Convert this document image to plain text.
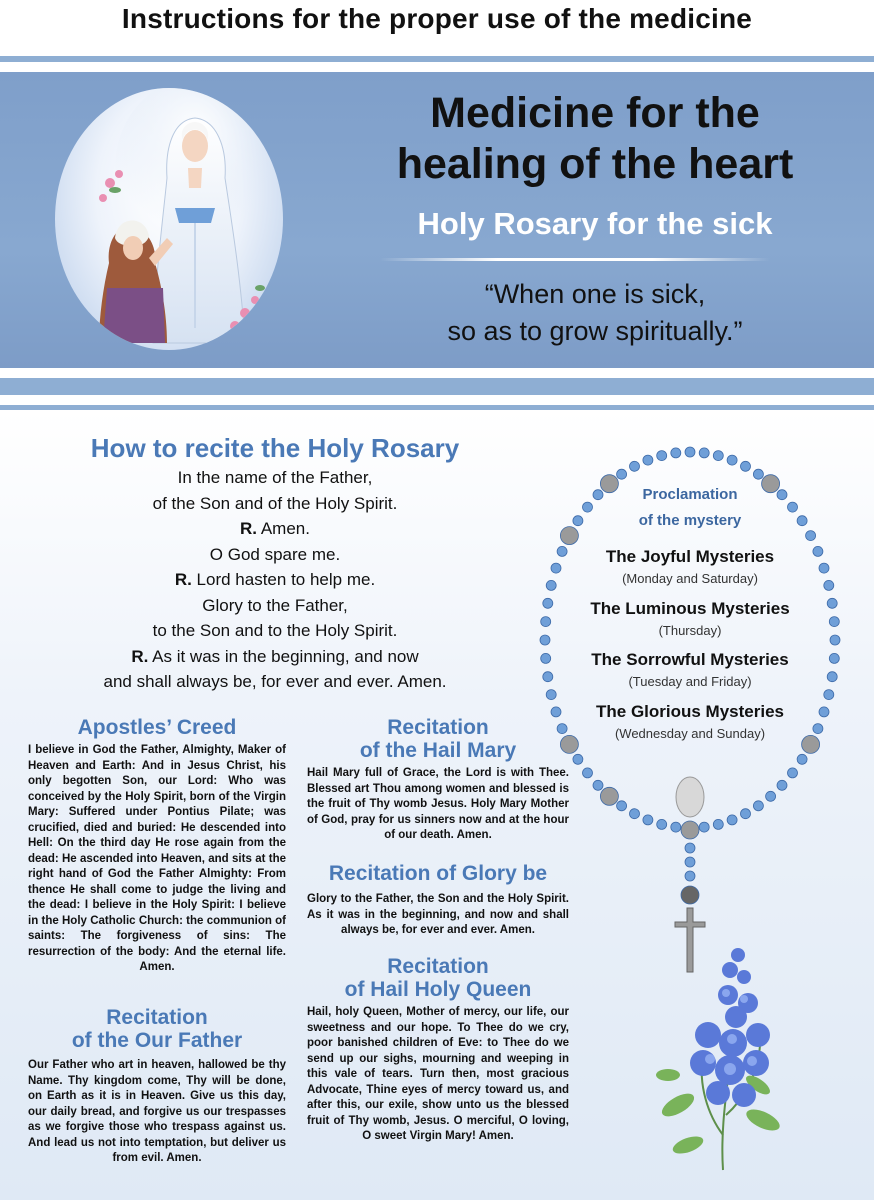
Instructions for the proper use of the medicine
Medicine for the healing of the heart
Holy Rosary for the sick
“When one is sick,
so as to grow spiritually.”
How to recite the Holy Rosary
In the name of the Father,
of the Son and of the Holy Spirit.
R. Amen.
O God spare me.
R. Lord hasten to help me.
Glory to the Father,
to the Son and to the Holy Spirit.
R. As it was in the beginning, and now
and shall always be, for ever and ever. Amen.
Apostles’ Creed
I believe in God the Father, Almighty, Maker of Heaven and Earth: And in Jesus Christ, his only begotten Son, our Lord: Who was conceived by the Holy Spirit, born of the Virgin Mary: Suffered under Pontius Pilate; was crucified, died and buried: He descended into Hell: On the third day He rose again from the dead: He ascended into Heaven, and sits at the right hand of God the Father Almighty: From thence He shall come to judge the living and the dead: I believe in the Holy Spirit: I believe in the Holy Catholic Church: the communion of saints: The forgiveness of sins: The resurrection of the body: And the eternal life. Amen.
Recitation
of the Our Father
Our Father who art in heaven, hallowed be thy Name. Thy kingdom come, Thy will be done, on Earth as it is in Heaven. Give us this day, our daily bread, and forgive us our trespasses as we forgive those who trespass against us. And lead us not into temptation, but deliver us from evil. Amen.
Recitation
of the Hail Mary
Hail Mary full of Grace, the Lord is with Thee. Blessed art Thou among women and blessed is the fruit of Thy womb Jesus. Holy Mary Mother of God, pray for us sinners now and at the hour of our death. Amen.
Recitation of Glory be
Glory to the Father, the Son and the Holy Spirit. As it was in the beginning, and now and shall always be, for ever and ever. Amen.
Recitation
of Hail Holy Queen
Hail, holy Queen, Mother of mercy, our life, our sweetness and our hope. To Thee do we cry, poor banished children of Eve: to Thee do we send up our sighs, mourning and weeping in this vale of tears. Turn then, most gracious Advocate, Thine eyes of mercy toward us, and after this, our exile, show unto us the blessed fruit of Thy womb, Jesus. O merciful, O loving, O sweet Virgin Mary! Amen.
Proclamation
of the mystery
The Joyful Mysteries
(Monday and Saturday)
The Luminous Mysteries
(Thursday)
The Sorrowful Mysteries
(Tuesday and Friday)
The Glorious Mysteries
(Wednesday and Sunday)
